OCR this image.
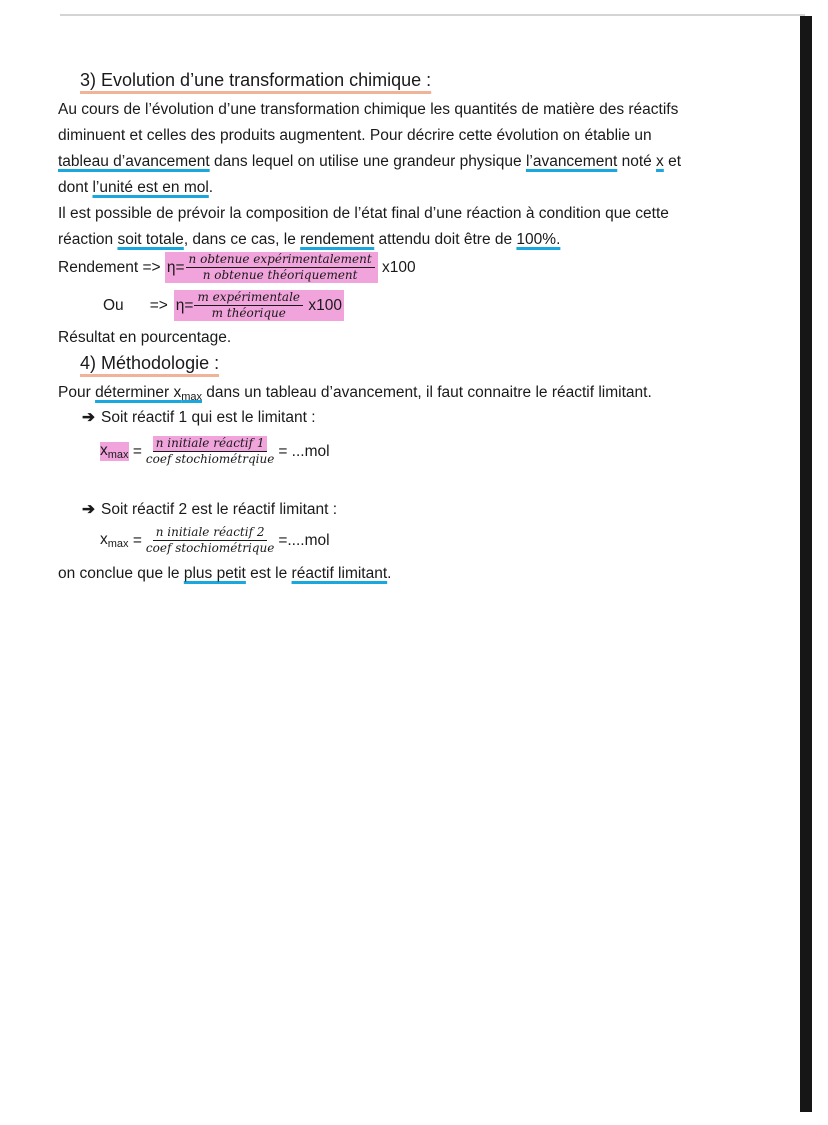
3) Evolution d’une transformation chimique :
Au cours de l’évolution d’une transformation chimique les quantités de matière des réactifs
diminuent et celles des produits augmentent. Pour décrire cette évolution on établie un
tableau d’avancement dans lequel on utilise une grandeur physique l’avancement noté x et
dont l’unité est en mol.
Il est possible de prévoir la composition de l’état final d’une réaction à condition que cette
réaction soit totale, dans ce cas, le rendement attendu doit être de 100%.
Rendement => $\eta= \frac{\text{n obtenue expérimentalement}}{\text{n obtenue théoriquement}} x100$
$Ou => \eta= \frac{\text{m expérimentale}}{\text{m théorique}} x100$
Résultat en pourcentage.
4) Méthodologie :
Pour déterminer $x_{max}$ dans un tableau d’avancement, il faut connaitre le réactif limitant.
➔ Soit réactif 1 qui est le limitant :
$x_{max} = \frac{\text{n initiale réactif 1}}{\text{coef stochiométrqiue}} = ...mol$
➔ Soit réactif 2 est le réactif limitant :
$x_{max} = \frac{\text{n initiale réactif 2}}{\text{coef stochiométrique}} =....mol$
on conclue que le plus petit est le réactif limitant.
